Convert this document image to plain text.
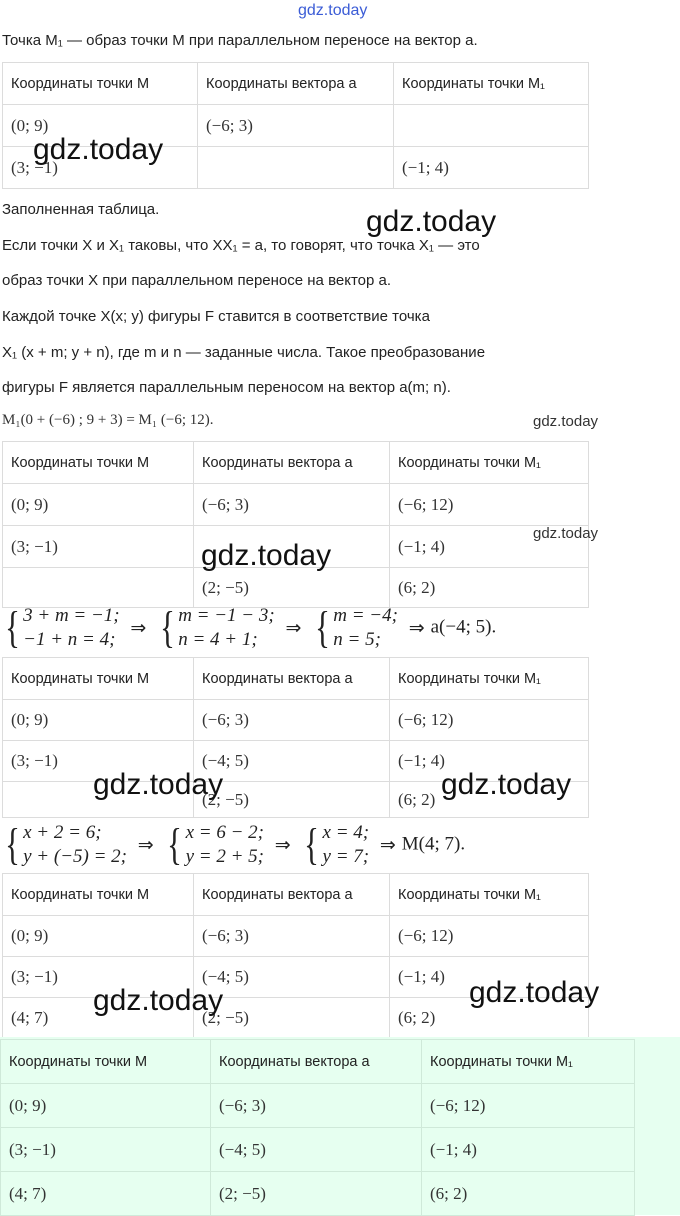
gdz.today
Точка M₁ — образ точки M при параллельном переносе на вектор a.
Координаты точки M	Координаты вектора a	Координаты точки M₁
(0; 9)	(−6; 3)	
(3; −1)		(−1; 4)
gdz.today
Заполненная таблица.	gdz.today
Если точки X и X₁ таковы, что XX₁ = a, то говорят, что точка X₁ — это
образ точки X при параллельном переносе на вектор a.
Каждой точке X(x; y) фигуры F ставится в соответствие точка
X₁ (x + m; y + n), где m и n — заданные числа. Такое преобразование
фигуры F является параллельным переносом на вектор a(m; n).
M₁(0 + (−6) ; 9 + 3) = M₁ (−6; 12).	gdz.today
Координаты точки M	Координаты вектора a	Координаты точки M₁
(0; 9)	(−6; 3)	(−6; 12)
(3; −1)		(−1; 4)
	(2; −5)	(6; 2)
gdz.today
gdz.today
{ 3 + m = −1;
−1 + n = 4; ⇒ { m = −1 − 3;
n = 4 + 1; ⇒ { m = −4;
n = 5; ⇒ a(−4; 5).
Координаты точки M	Координаты вектора a	Координаты точки M₁
(0; 9)	(−6; 3)	(−6; 12)
(3; −1)	(−4; 5)	(−1; 4)
	(2; −5)	(6; 2)
gdz.today	gdz.today
{ x + 2 = 6;
y + (−5) = 2; ⇒ { x = 6 − 2;
y = 2 + 5; ⇒ { x = 4;
y = 7; ⇒ M(4; 7).
Координаты точки M	Координаты вектора a	Координаты точки M₁
(0; 9)	(−6; 3)	(−6; 12)
(3; −1)	(−4; 5)	(−1; 4)
(4; 7)	(2; −5)	(6; 2)
gdz.today	gdz.today
Координаты точки M	Координаты вектора a	Координаты точки M₁
(0; 9)	(−6; 3)	(−6; 12)
(3; −1)	(−4; 5)	(−1; 4)
(4; 7)	(2; −5)	(6; 2)
